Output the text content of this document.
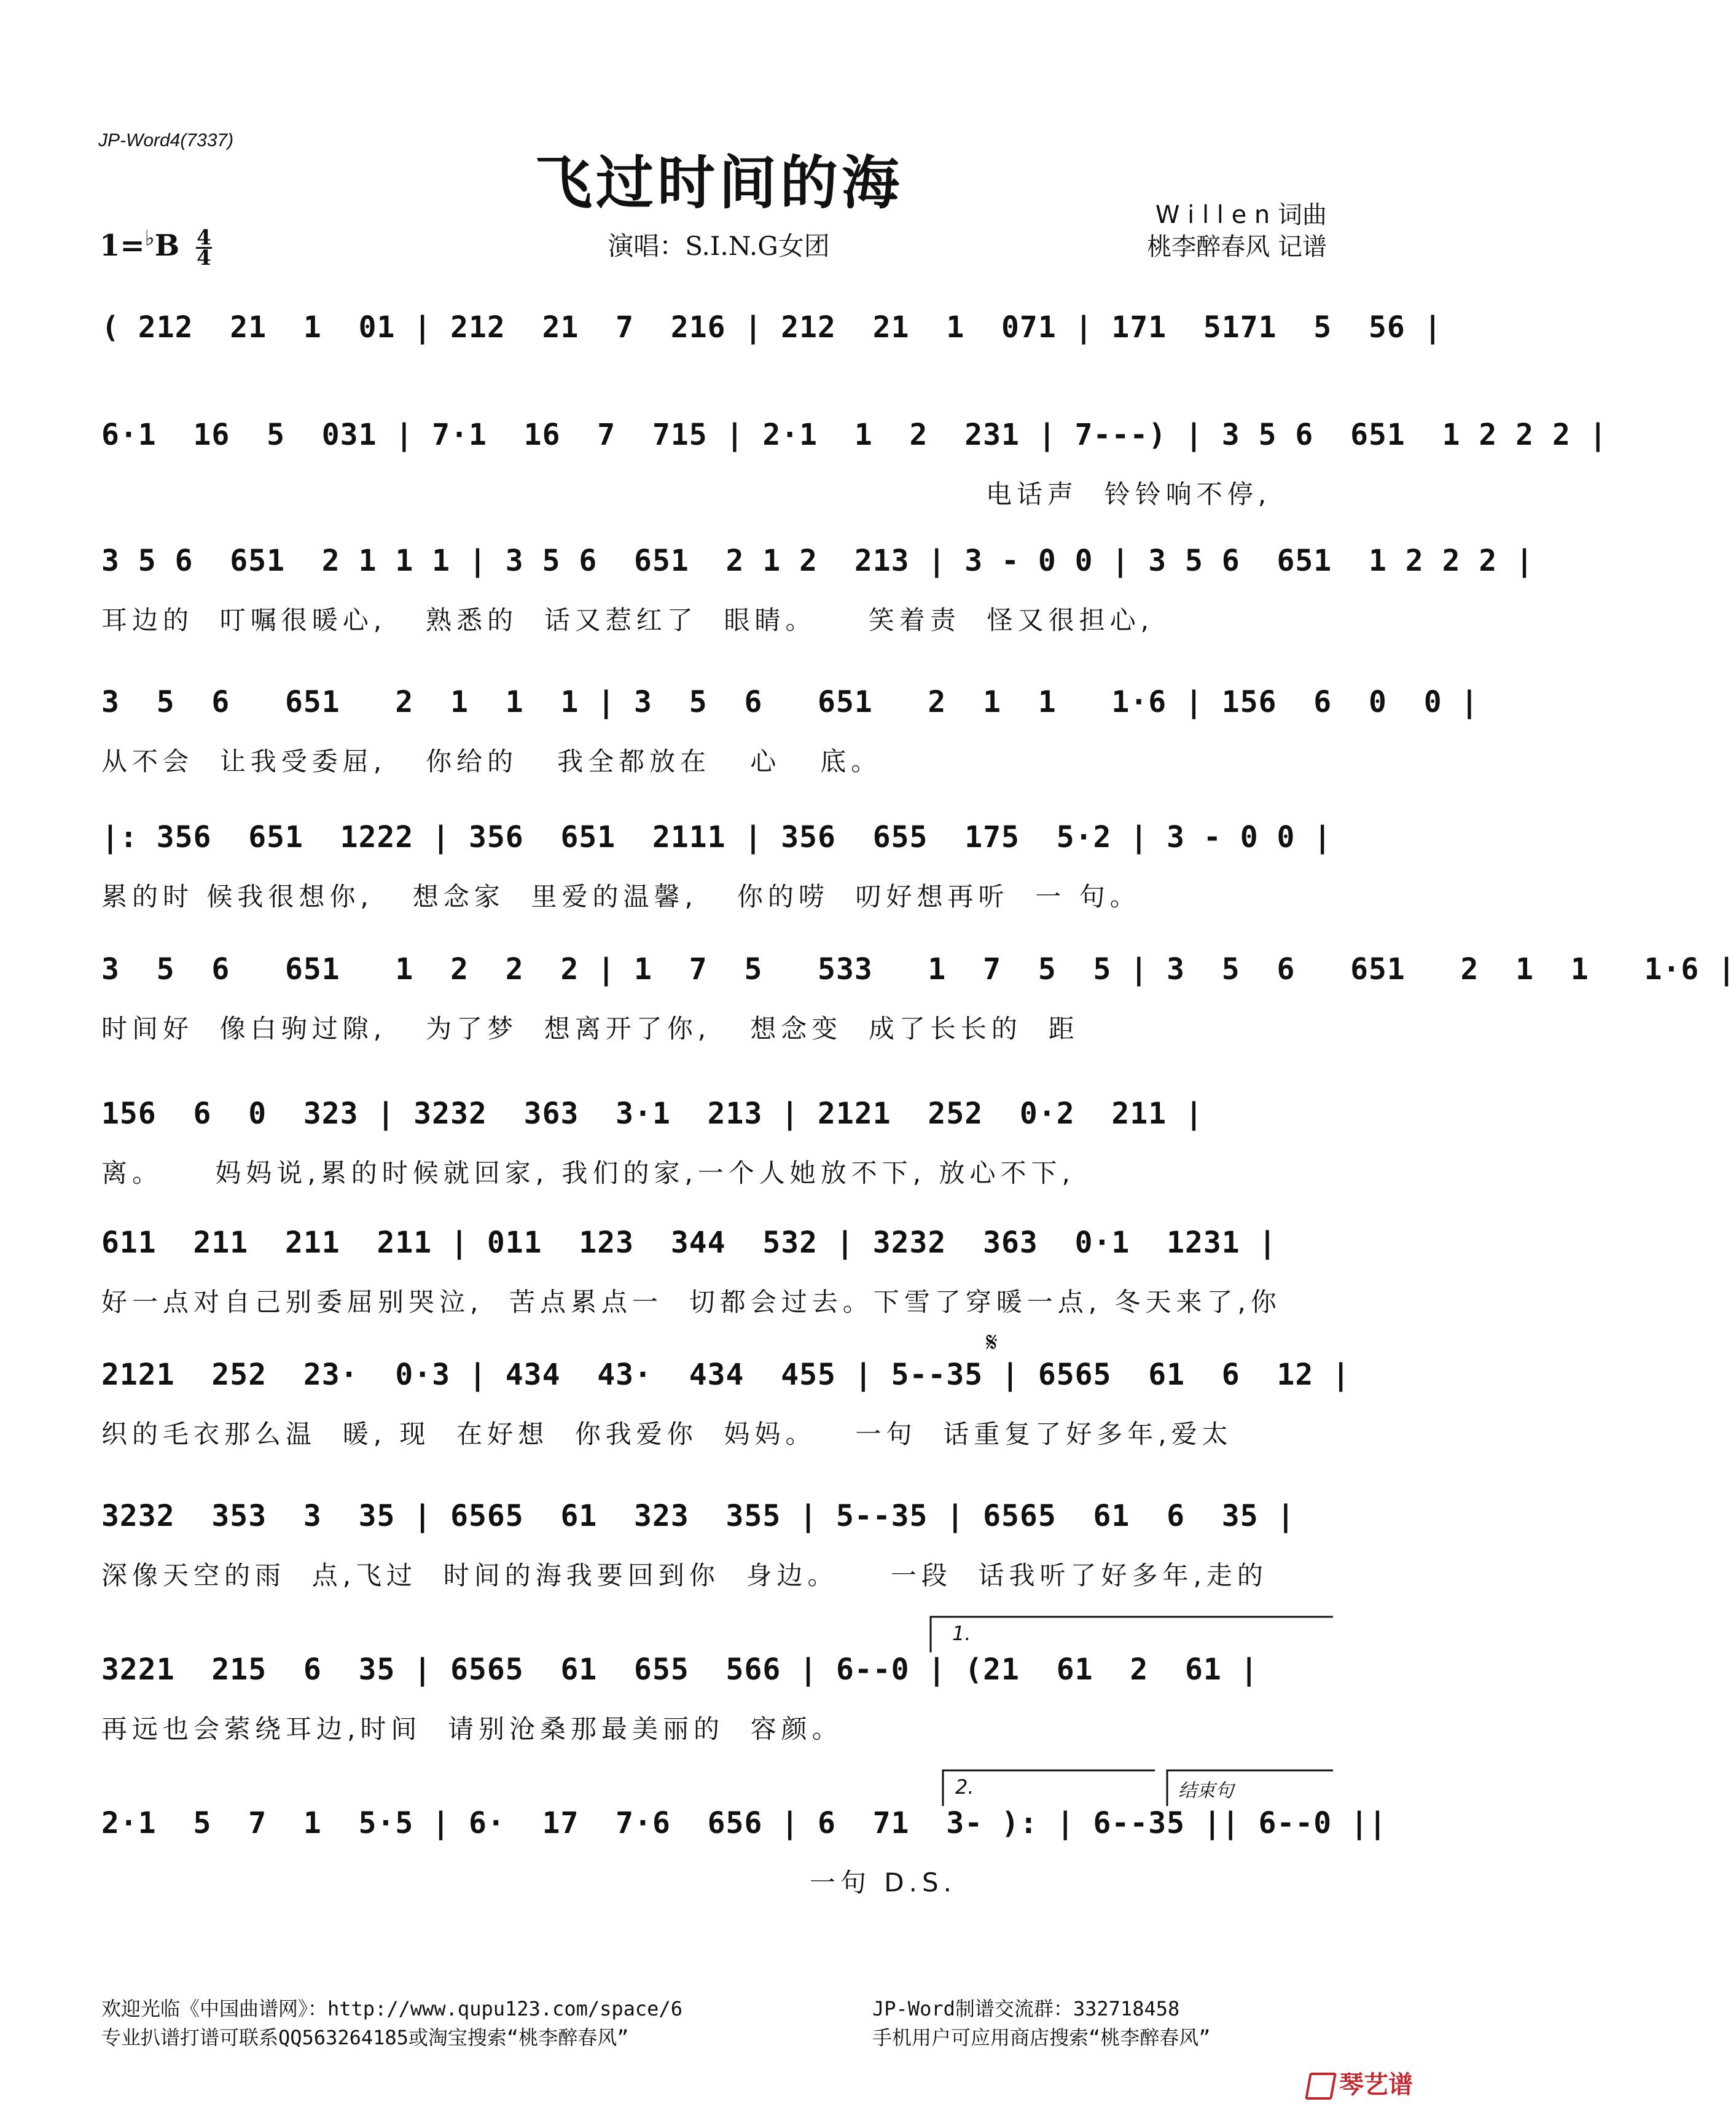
JP-Word4(7337)
飞过时间的海	W i l l e n 词曲
桃李醉春风 记谱
$1=^♭B \frac{4}{4}$	演唱：S.I.N.G女团
( 212  21  1  01 | 212  21  7  216 | 212  21  1  071 | 171  5171  5  56 |
6·1  16  5  031 | 7·1  16  7  715 | 2·1  1  2  231 | 7---) | 3 5 6  651  1 2 2 2 |
电话声  铃铃响不停,
3 5 6  651  2 1 1 1 | 3 5 6  651  2 1 2  213 | 3 - 0 0 | 3 5 6  651  1 2 2 2 |
耳边的  叮嘱很暖心,   熟悉的  话又惹红了  眼睛。    笑着责  怪又很担心,
3  5  6   651   2  1  1  1 | 3  5  6   651   2  1  1   1·6 | 156  6  0  0 |
从不会  让我受委屈,   你给的   我全都放在   心   底。
|: 356  651  1222 | 356  651  2111 | 356  655  175  5·2 | 3 - 0 0 |
累的时 候我很想你,   想念家  里爱的温馨,   你的唠  叨好想再听  一 句。
3  5  6   651   1  2  2  2 | 1  7  5   533   1  7  5  5 | 3  5  6   651   2  1  1   1·6 |
时间好  像白驹过隙,   为了梦  想离开了你,   想念变  成了长长的  距
156  6  0  323 | 3232  363  3·1  213 | 2121  252  0·2  211 |
离。    妈妈说,累的时候就回家, 我们的家,一个人她放不下, 放心不下,
611  211  211  211 | 011  123  344  532 | 3232  363  0·1  1231 |
好一点对自己别委屈别哭泣,  苦点累点一  切都会过去。下雪了穿暖一点, 冬天来了,你
2121  252  23·  0·3 | 434  43·  434  455 | 5--35 | 6565  61  6  12 |
织的毛衣那么温  暖, 现  在好想  你我爱你  妈妈。   一句  话重复了好多年,爱太
3232  353  3  35 | 6565  61  323  355 | 5--35 | 6565  61  6  35 |
深像天空的雨  点,飞过  时间的海我要回到你  身边。    一段  话我听了好多年,走的
3221  215  6  35 | 6565  61  655  566 | 6--0 | (21  61  2  61 |
再远也会萦绕耳边,时间  请别沧桑那最美丽的  容颜。
2·1  5  7  1  5·5 | 6·  17  7·6  656 | 6  71  3- ): | 6--35 || 6--0 ||
一句 D.S.
1.
2.	结束句
𝄋
欢迎光临《中国曲谱网》：http://www.qupu123.com/space/6	JP-Word制谱交流群：332718458
专业扒谱打谱可联系QQ563264185或淘宝搜索“桃李醉春风”	手机用户可应用商店搜索“桃李醉春风”
琴艺谱
